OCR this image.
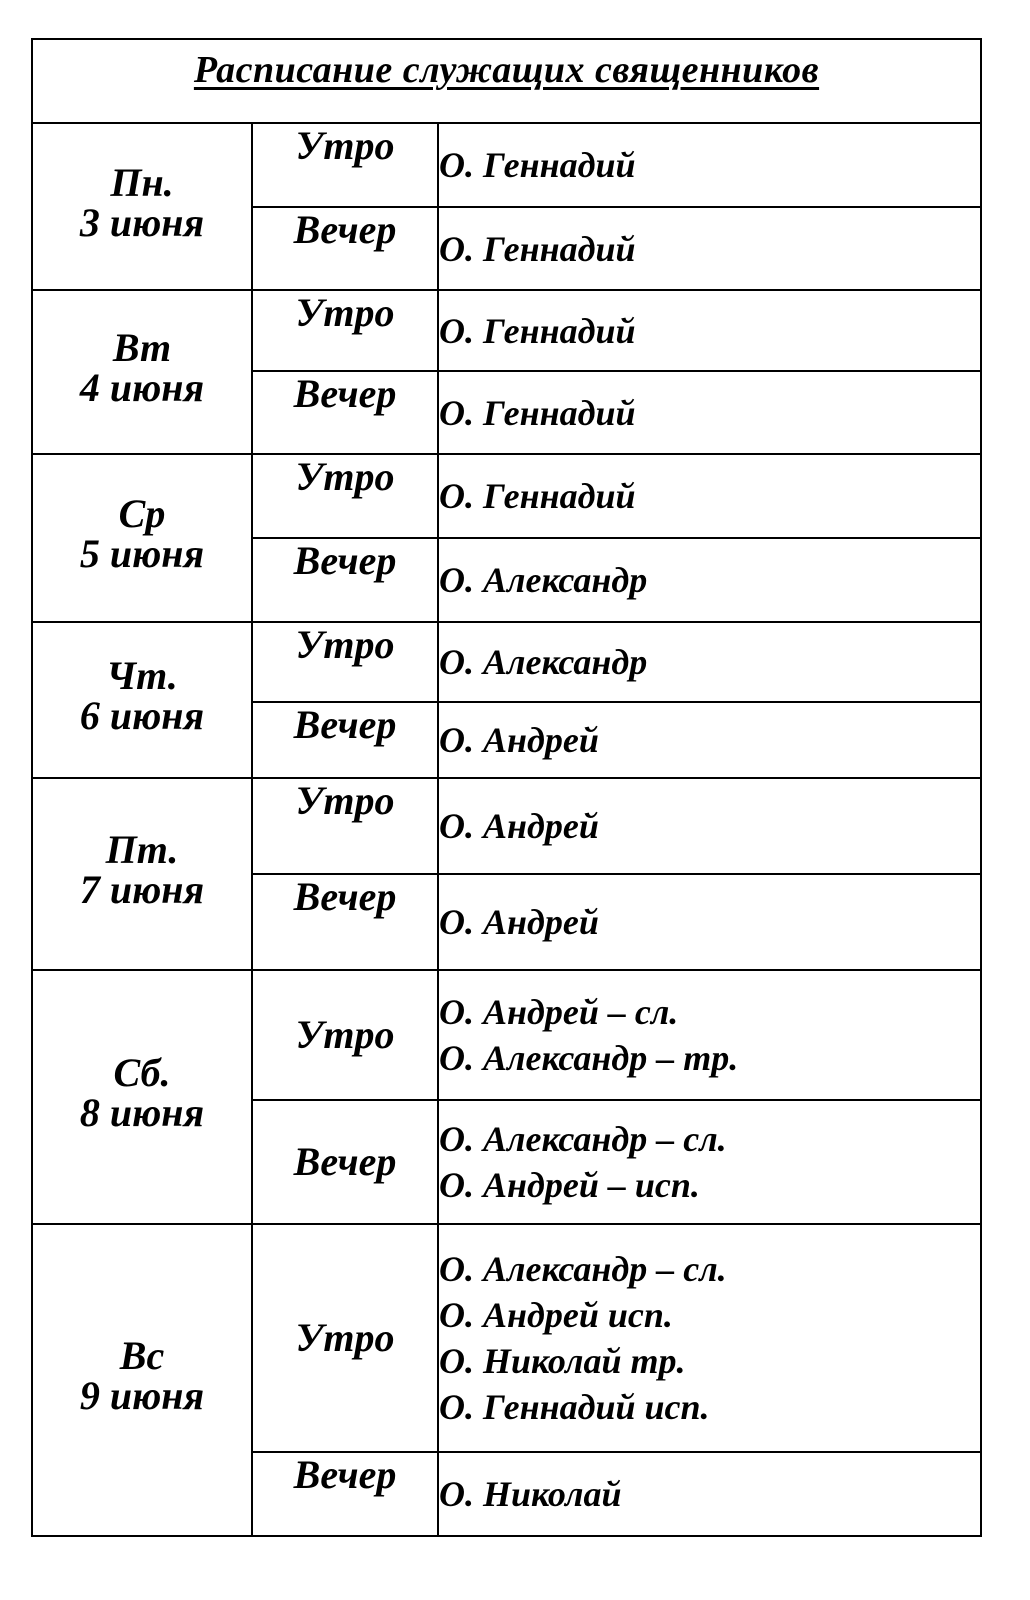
Расписание служащих священников		

Пн.
3 июня	Утро	О. Геннадий

	Вечер	О. Геннадий

Вт
4 июня	Утро	О. Геннадий

	Вечер	О. Геннадий

Ср
5 июня	Утро	О. Геннадий

	Вечер	О. Александр

Чт.
6 июня	Утро	О. Александр

	Вечер	О. Андрей

Пт.
7 июня	Утро	О. Андрей

	Вечер	О. Андрей

Сб.
8 июня	Утро	О. Андрей – сл.
О. Александр – тр.

	Вечер	О. Александр – сл.
О. Андрей – исп.

Вс
9 июня	Утро	О. Александр – сл.
О. Андрей исп.
О. Николай тр.
О. Геннадий исп.

	Вечер	О. Николай
